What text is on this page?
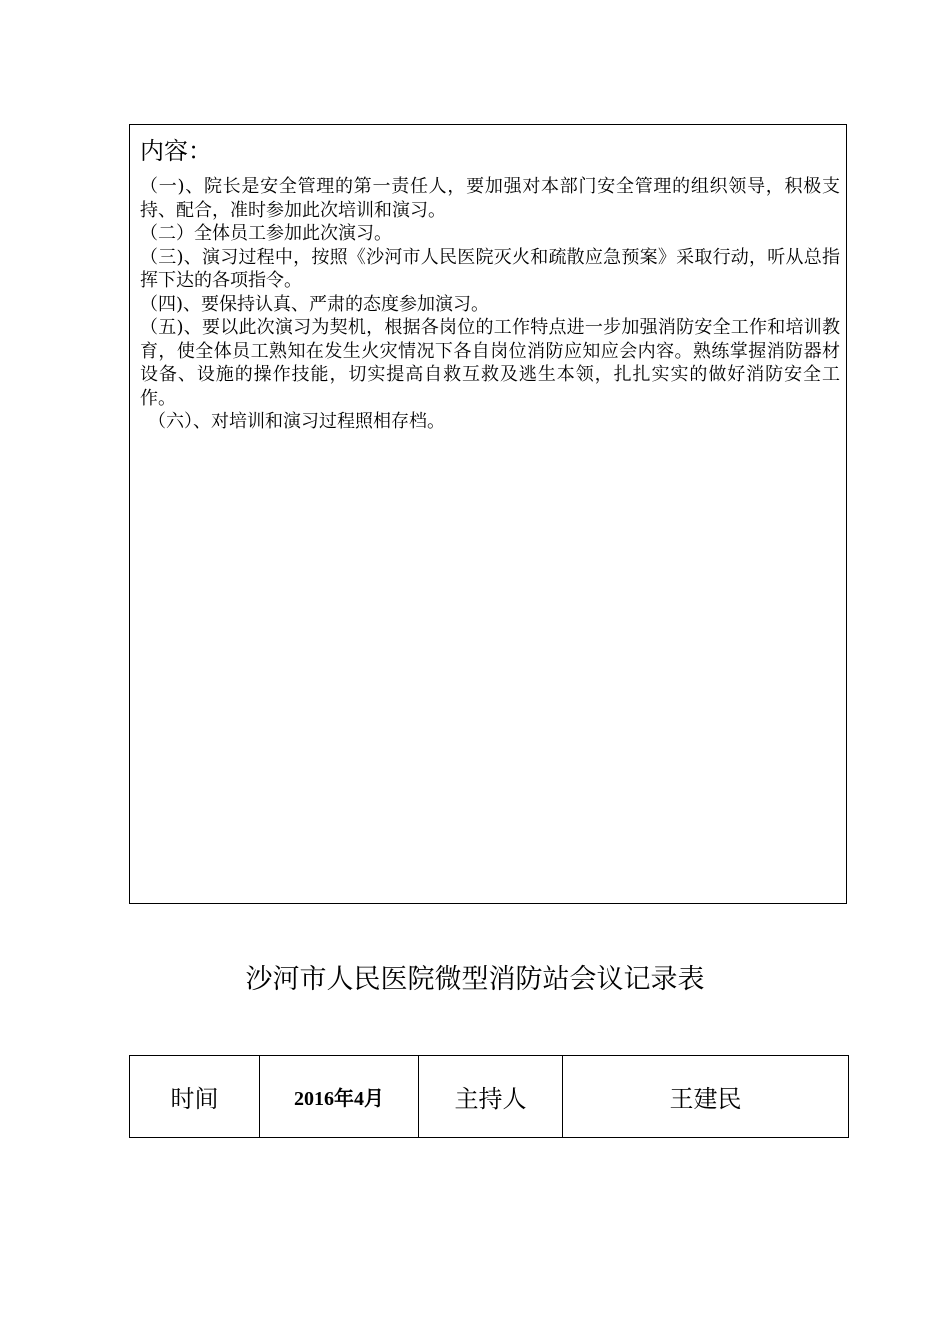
内容：

（一)、院长是安全管理的第一责任人，要加强对本部门安全管理的组织领导，积极支持、配合，准时参加此次培训和演习。

（二）全体员工参加此次演习。

（三)、演习过程中，按照《沙河市人民医院灭火和疏散应急预案》采取行动，听从总指挥下达的各项指令。

（四)、要保持认真、严肃的态度参加演习。

（五)、要以此次演习为契机，根据各岗位的工作特点进一步加强消防安全工作和培训教育，使全体员工熟知在发生火灾情况下各自岗位消防应知应会内容。熟练掌握消防器材设备、设施的操作技能，切实提高自救互救及逃生本领，扎扎实实的做好消防安全工作。

（六）、对培训和演习过程照相存档。

沙河市人民医院微型消防站会议记录表
时间	2016年4月	主持人	王建民
